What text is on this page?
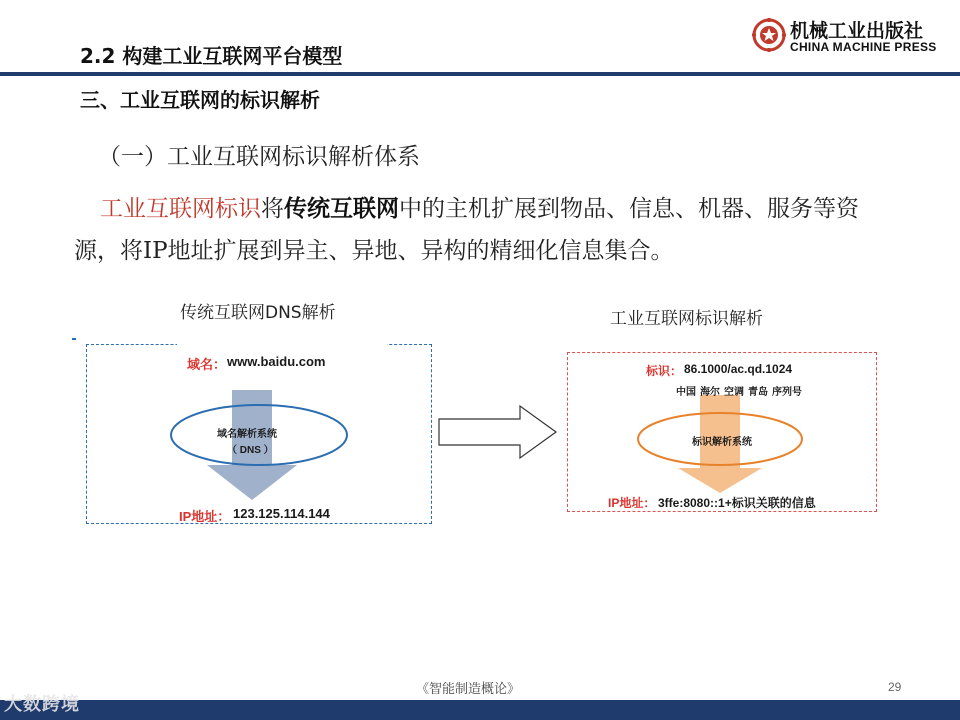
2.2 构建工业互联网平台模型
三、工业互联网的标识解析
机械工业出版社
CHINA MACHINE PRESS
（一）工业互联网标识解析体系
工业互联网标识将传统互联网中的主机扩展到物品、信息、机器、服务等资源，将IP地址扩展到异主、异地、异构的精细化信息集合。
传统互联网DNS解析	工业互联网标识解析
域名： www.baidu.com
域名解析系统
（ DNS ）
IP地址： 123.125.114.144
标识： 86.1000/ac.qd.1024
中国 海尔 空调 青岛 序列号
标识解析系统
IP地址： 3ffe:8080::1+标识关联的信息
《智能制造概论》	29
大数跨境
